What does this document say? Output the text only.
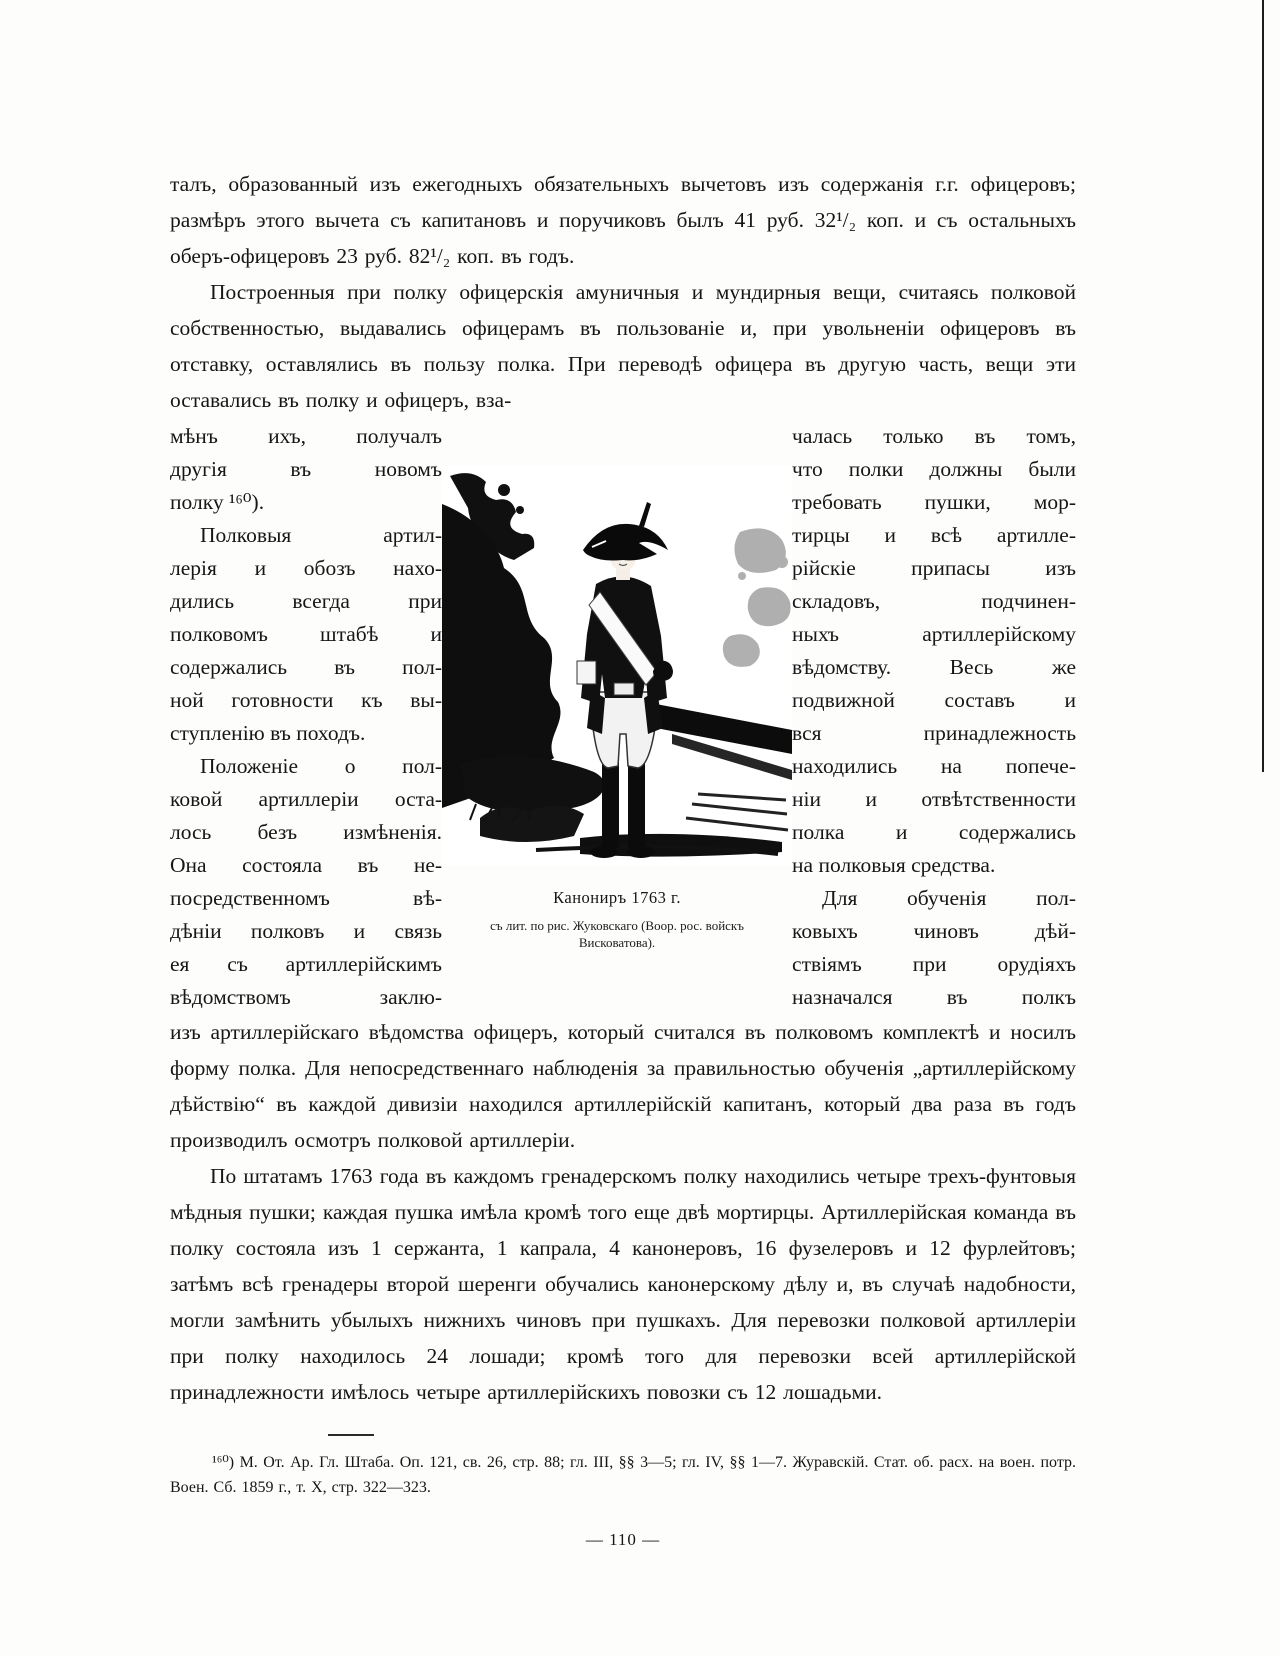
талъ, образованный изъ ежегодныхъ обязательныхъ вычетовъ изъ содержанія г.г. офицеровъ; размѣръ этого вычета съ капитановъ и поручиковъ былъ 41 руб. 32¹/₂ коп. и съ остальныхъ оберъ-офицеровъ 23 руб. 82¹/₂ коп. въ годъ.

Построенныя при полку офицерскія амуничныя и мундирныя вещи, считаясь полковой собственностью, выдавались офицерамъ въ пользованіе и, при увольненіи офицеровъ въ отставку, оставлялись въ пользу полка. При переводѣ офицера въ другую часть, вещи эти оставались въ полку и офицеръ, вза-

мѣнъ ихъ, получалъ
другія въ новомъ
полку ¹⁶⁰).
Полковыя артил-
лерія и обозъ нахо-
дились всегда при
полковомъ штабѣ и
содержались въ пол-
ной готовности къ вы-
ступленію въ походъ.
Положеніе о пол-
ковой артиллеріи оста-
лось безъ измѣненія.
Она состояла въ не-
посредственномъ вѣ-
дѣніи полковъ и связь
ея съ артиллерійскимъ
вѣдомствомъ заклю-
Канониръ 1763 г.
съ лит. по рис. Жуковскаго (Воор. рос. войскъ
Висковатова).
чалась только въ томъ,
что полки должны были
требовать пушки, мор-
тирцы и всѣ артилле-
рійскіе припасы изъ
складовъ, подчинен-
ныхъ артиллерійскому
вѣдомству. Весь же
подвижной составъ и
вся принадлежность
находились на попече-
ніи и отвѣтственности
полка и содержались
на полковыя средства.
Для обученія пол-
ковыхъ чиновъ дѣй-
ствіямъ при орудіяхъ
назначался въ полкъ

изъ артиллерійскаго вѣдомства офицеръ, который считался въ полковомъ комплектѣ и носилъ форму полка. Для непосредственнаго наблюденія за правильностью обученія „артиллерійскому дѣйствію“ въ каждой дивизіи находился артиллерійскій капитанъ, который два раза въ годъ производилъ осмотръ полковой артиллеріи.

По штатамъ 1763 года въ каждомъ гренадерскомъ полку находились четыре трехъ-фунтовыя мѣдныя пушки; каждая пушка имѣла кромѣ того еще двѣ мортирцы. Артиллерійская команда въ полку состояла изъ 1 сержанта, 1 капрала, 4 канонеровъ, 16 фузелеровъ и 12 фурлейтовъ; затѣмъ всѣ гренадеры второй шеренги обучались канонерскому дѣлу и, въ случаѣ надобности, могли замѣнить убылыхъ нижнихъ чиновъ при пушкахъ. Для перевозки полковой артиллеріи при полку находилось 24 лошади; кромѣ того для перевозки всей артиллерійской принадлежности имѣлось четыре артиллерійскихъ повозки съ 12 лошадьми.

¹⁶⁰) М. От. Ар. Гл. Штаба. Оп. 121, св. 26, стр. 88; гл. III, §§ 3—5; гл. IV, §§ 1—7. Журавскій. Стат. об. расх. на воен. потр. Воен. Сб. 1859 г., т. X, стр. 322—323.

— 110 —
